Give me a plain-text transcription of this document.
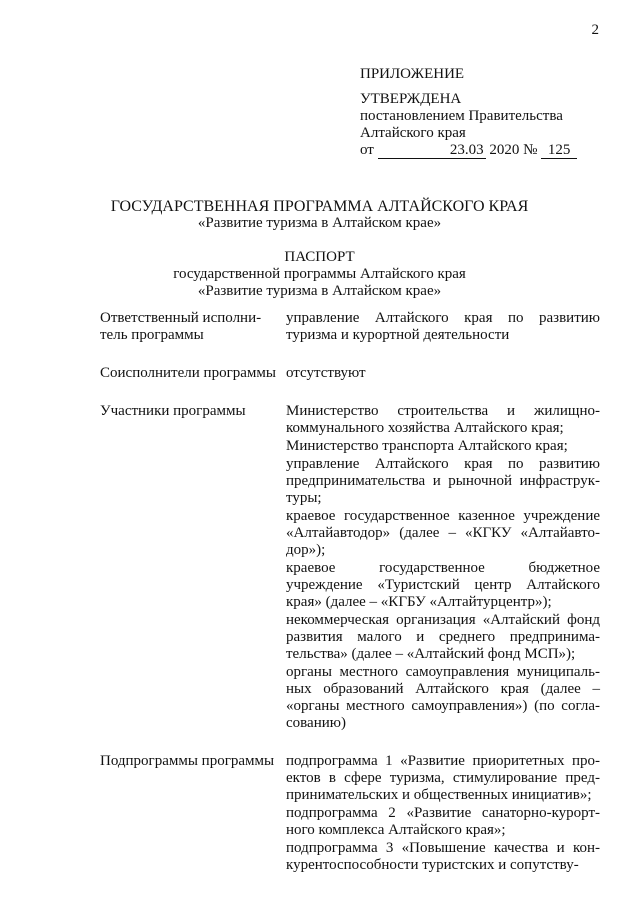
2
ПРИЛОЖЕНИЕ
УТВЕРЖДЕНА
постановлением Правительства
Алтайского края
от	23.03 2020 № 125
ГОСУДАРСТВЕННАЯ ПРОГРАММА АЛТАЙСКОГО КРАЯ
«Развитие туризма в Алтайском крае»
ПАСПОРТ
государственной программы Алтайского края
«Развитие туризма в Алтайском крае»
Ответственный исполни-тель программы

управление Алтайского края по развитию туризма и курортной деятельности

Соисполнители программы отсутствуют

Участники программы	Министерство строительства и жилищно-коммунального хозяйства Алтайского края;

Министерство транспорта Алтайского края;

управление Алтайского края по развитию предпринимательства и рыночной инфраструк-туры;

краевое государственное казенное учреждение «Алтайавтодор» (далее – «КГКУ «Алтайавто-дор»);

краевое государственное бюджетное учреждение «Туристский центр Алтайского края» (далее – «КГБУ «Алтайтурцентр»);

некоммерческая организация «Алтайский фонд развития малого и среднего предпринима-тельства» (далее – «Алтайский фонд МСП»);

органы местного самоуправления муниципаль-ных образований Алтайского края (далее – «органы местного самоуправления») (по согла-сованию)

Подпрограммы программы подпрограмма 1 «Развитие приоритетных про-ектов в сфере туризма, стимулирование пред-принимательских и общественных инициатив»;

подпрограмма 2 «Развитие санаторно-курорт-ного комплекса Алтайского края»;

подпрограмма 3 «Повышение качества и кон-курентоспособности туристских и сопутству-
